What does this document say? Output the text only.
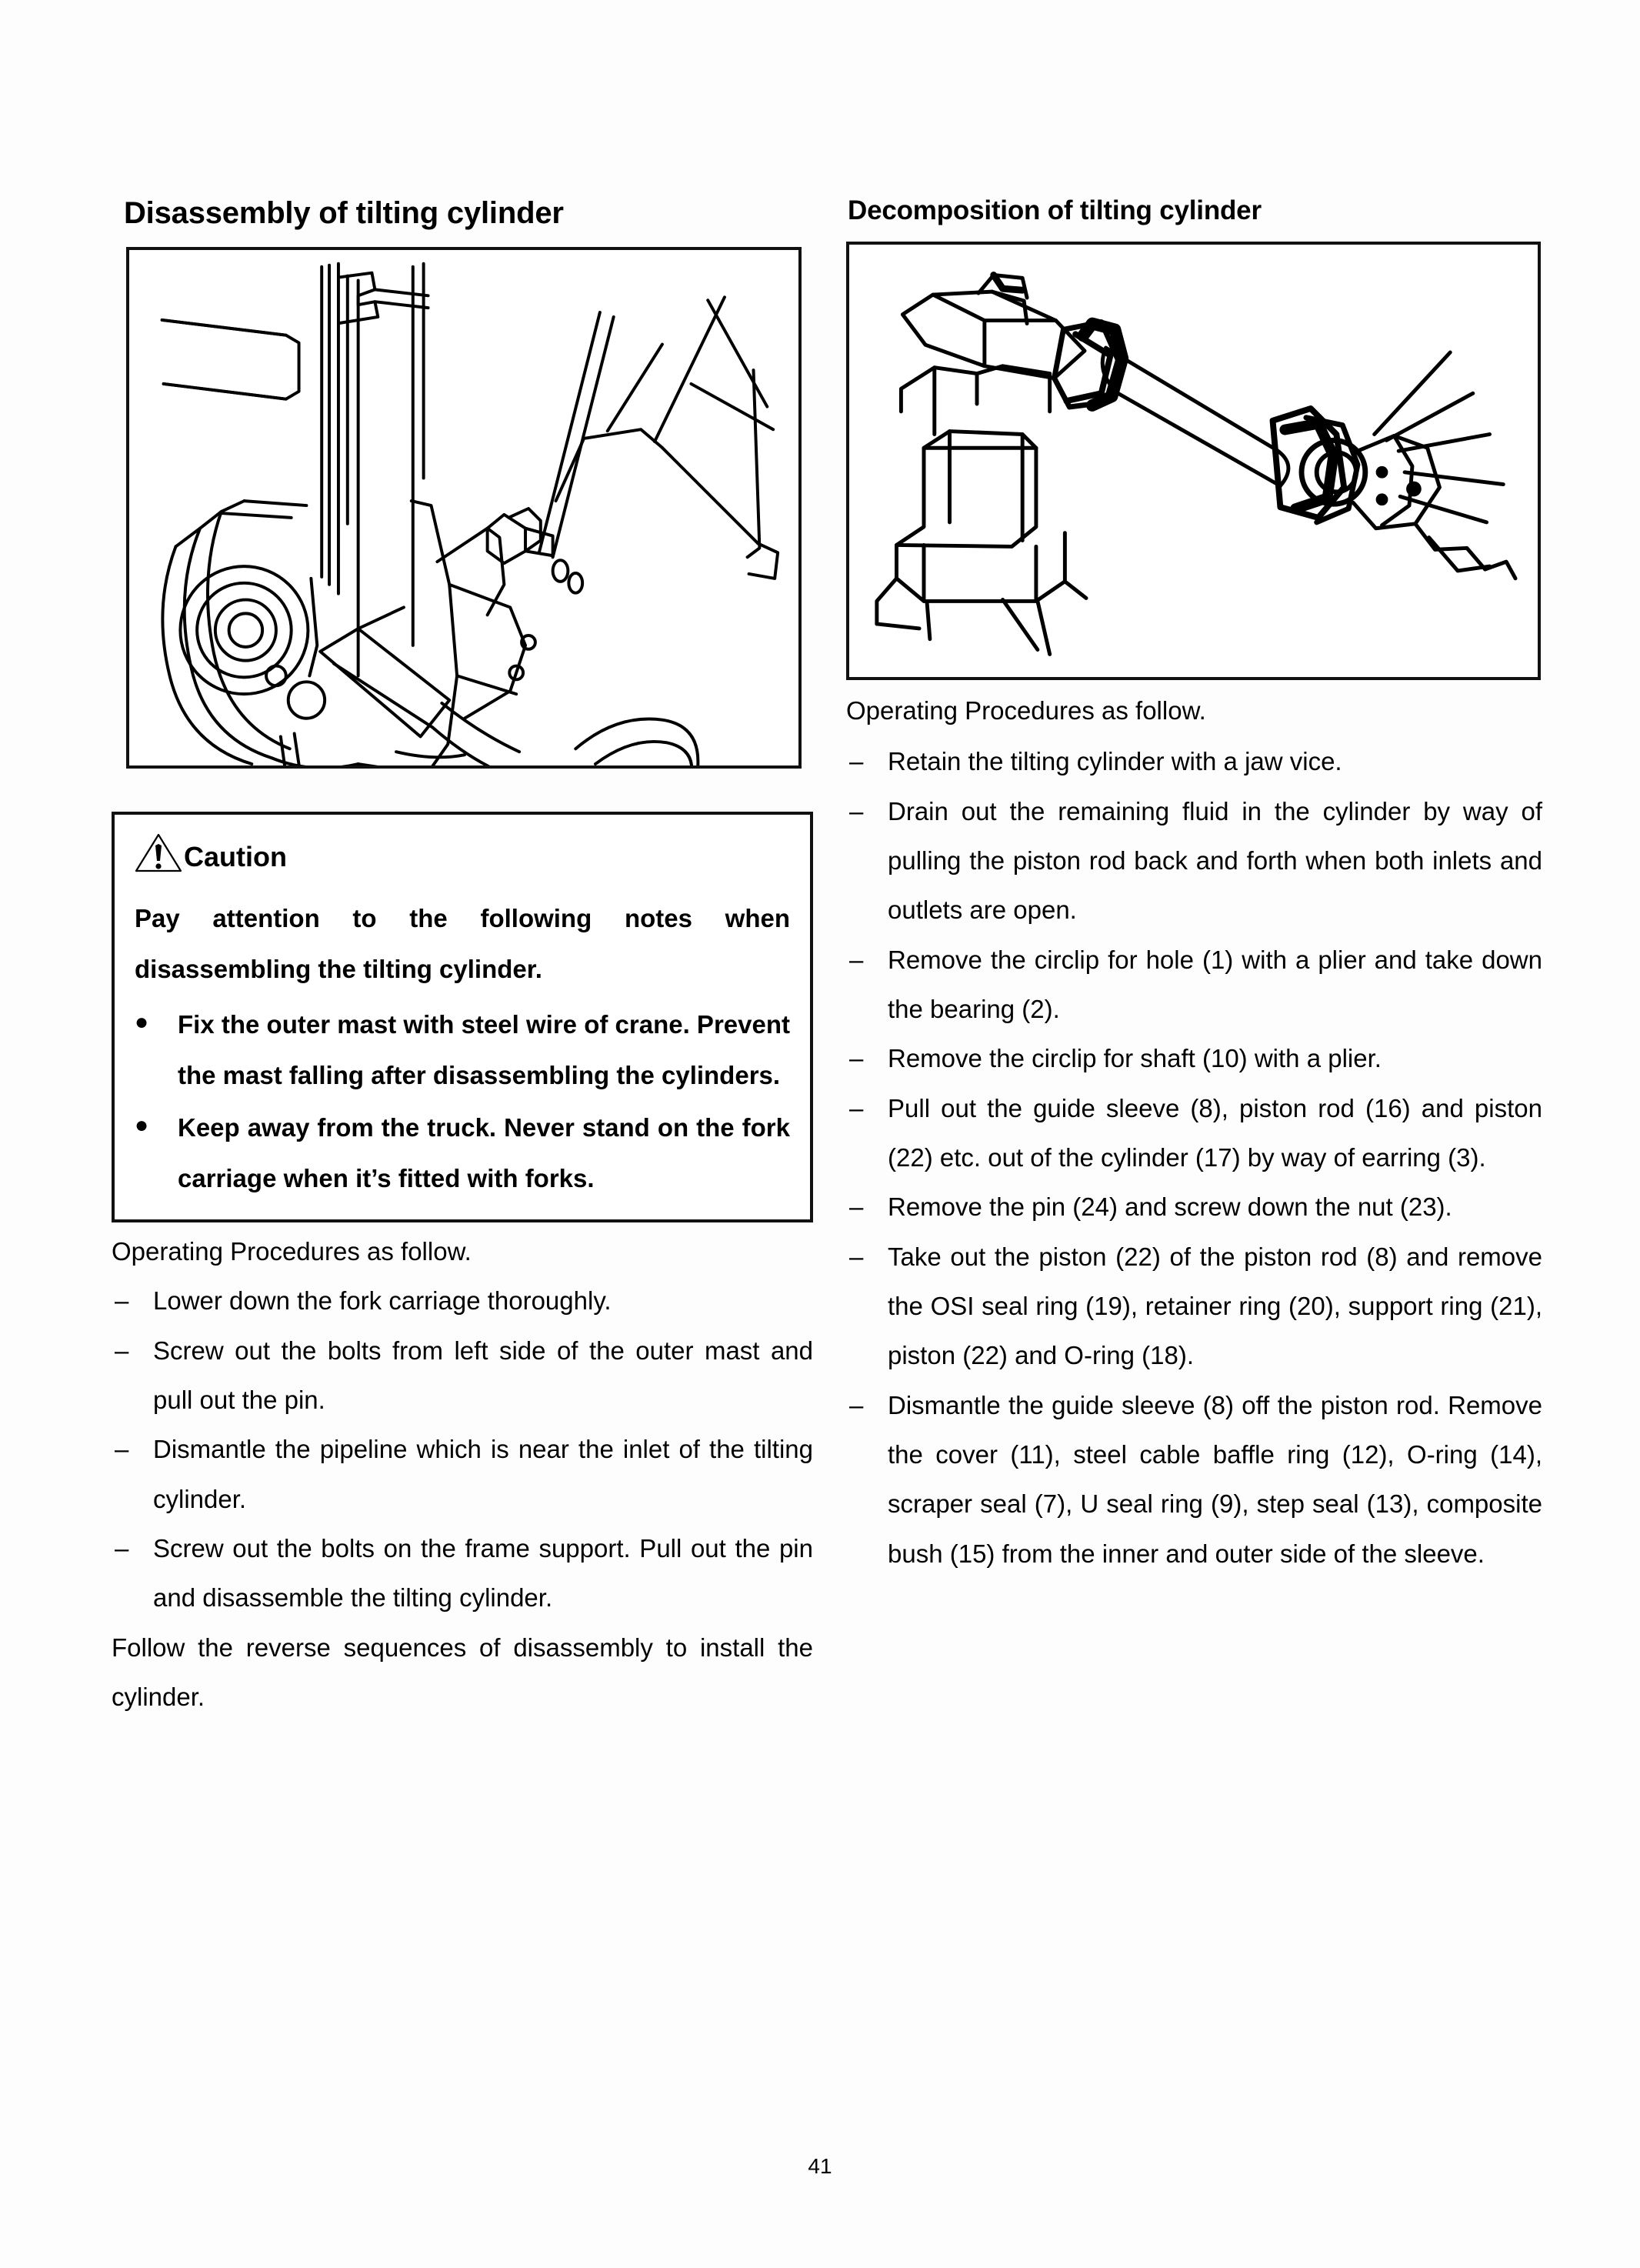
Disassembly of tilting cylinder
Caution

Pay attention to the following notes when disassembling the tilting cylinder.

●	Fix the outer mast with steel wire of crane. Prevent the mast falling after disassembling the cylinders.
●	Keep away from the truck. Never stand on the fork carriage when it’s fitted with forks.

Operating Procedures as follow.

– Lower down the fork carriage thoroughly.
– Screw out the bolts from left side of the outer mast and pull out the pin.
– Dismantle the pipeline which is near the inlet of the tilting cylinder.
– Screw out the bolts on the frame support. Pull out the pin and disassemble the tilting cylinder.

Follow the reverse sequences of disassembly to install the cylinder.

Decomposition of tilting cylinder

Operating Procedures as follow.

– Retain the tilting cylinder with a jaw vice.
– Drain out the remaining fluid in the cylinder by way of pulling the piston rod back and forth when both inlets and outlets are open.
– Remove the circlip for hole (1) with a plier and take down the bearing (2).
– Remove the circlip for shaft (10) with a plier.
– Pull out the guide sleeve (8), piston rod (16) and piston (22) etc. out of the cylinder (17) by way of earring (3).
– Remove the pin (24) and screw down the nut (23).
– Take out the piston (22) of the piston rod (8) and remove the OSI seal ring (19), retainer ring (20), support ring (21), piston (22) and O-ring (18).
– Dismantle the guide sleeve (8) off the piston rod. Remove the cover (11), steel cable baffle ring (12), O-ring (14), scraper seal (7), U seal ring (9), step seal (13), composite bush (15) from the inner and outer side of the sleeve.
41
